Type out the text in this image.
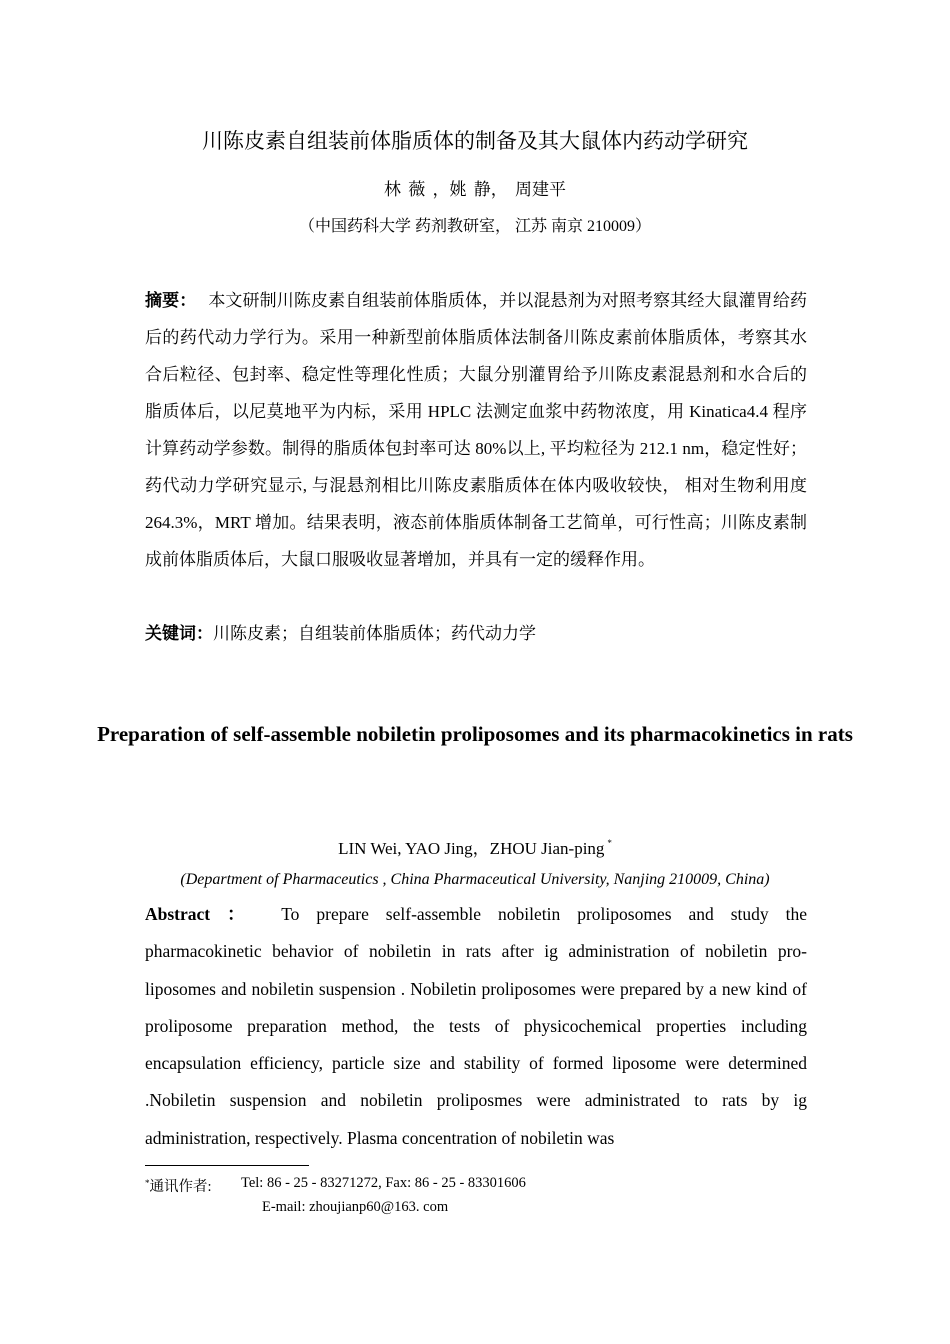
川陈皮素自组装前体脂质体的制备及其大鼠体内药动学研究
林 薇 ，姚 静， 周建平
（中国药科大学 药剂教研室， 江苏 南京 210009）

摘要： 本文研制川陈皮素自组装前体脂质体，并以混悬剂为对照考察其经大鼠灌胃给药后的药代动力学行为。采用一种新型前体脂质体法制备川陈皮素前体脂质体，考察其水合后粒径、包封率、稳定性等理化性质；大鼠分别灌胃给予川陈皮素混悬剂和水合后的脂质体后，以尼莫地平为内标，采用 HPLC 法测定血浆中药物浓度，用 Kinatica4.4 程序计算药动学参数。制得的脂质体包封率可达 80%以上, 平均粒径为 212.1 nm，稳定性好；药代动力学研究显示, 与混悬剂相比川陈皮素脂质体在体内吸收较快， 相对生物利用度 264.3%，MRT 增加。结果表明，液态前体脂质体制备工艺简单，可行性高；川陈皮素制成前体脂质体后，大鼠口服吸收显著增加，并具有一定的缓释作用。

关键词：川陈皮素；自组装前体脂质体；药代动力学

Preparation of self-assemble nobiletin proliposomes and its pharmacokinetics in rats
LIN Wei, YAO Jing，ZHOU Jian-ping *
(Department of Pharmaceutics , China Pharmaceutical University, Nanjing 210009, China)

Abstract ： To prepare self-assemble nobiletin proliposomes and study the pharmacokinetic behavior of nobiletin in rats after ig administration of nobiletin pro-liposomes and nobiletin suspension . Nobiletin proliposomes were prepared by a new kind of proliposome preparation method, the tests of physicochemical properties including encapsulation efficiency, particle size and stability of formed liposome were determined .Nobiletin suspension and nobiletin proliposmes were administrated to rats by ig administration, respectively. Plasma concentration of nobiletin was

*通讯作者:	Tel: 86 - 25 - 83271272, Fax: 86 - 25 - 83301606
E-mail: zhoujianp60@163. com
